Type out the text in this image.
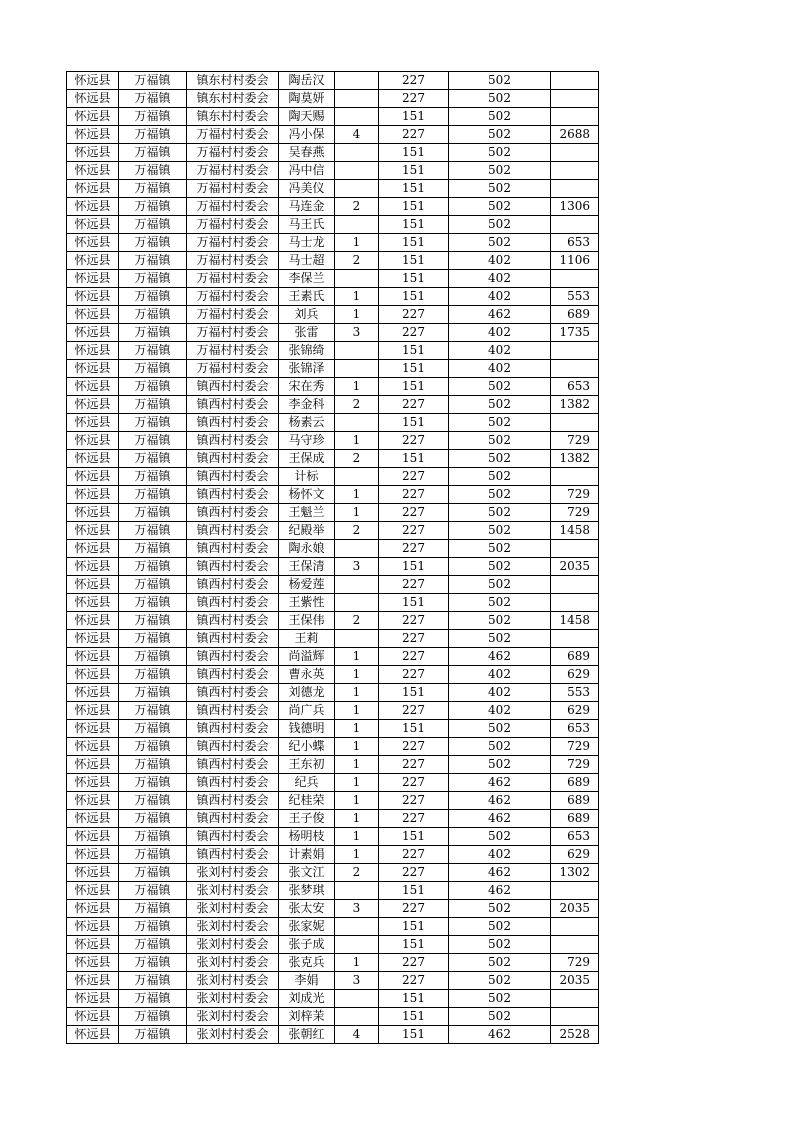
怀远县	万福镇	镇东村村委会	陶岳汉		227	502	
怀远县	万福镇	镇东村村委会	陶莫妍		227	502	
怀远县	万福镇	镇东村村委会	陶天赐		151	502	
怀远县	万福镇	万福村村委会	冯小保	4	227	502	2688
怀远县	万福镇	万福村村委会	吴春燕		151	502	
怀远县	万福镇	万福村村委会	冯中信		151	502	
怀远县	万福镇	万福村村委会	冯美仪		151	502	
怀远县	万福镇	万福村村委会	马连金	2	151	502	1306
怀远县	万福镇	万福村村委会	马王氏		151	502	
怀远县	万福镇	万福村村委会	马士龙	1	151	502	653
怀远县	万福镇	万福村村委会	马士超	2	151	402	1106
怀远县	万福镇	万福村村委会	李保兰		151	402	
怀远县	万福镇	万福村村委会	王素氏	1	151	402	553
怀远县	万福镇	万福村村委会	刘兵	1	227	462	689
怀远县	万福镇	万福村村委会	张雷	3	227	402	1735
怀远县	万福镇	万福村村委会	张锦绮		151	402	
怀远县	万福镇	万福村村委会	张锦泽		151	402	
怀远县	万福镇	镇西村村委会	宋在秀	1	151	502	653
怀远县	万福镇	镇西村村委会	李金科	2	227	502	1382
怀远县	万福镇	镇西村村委会	杨素云		151	502	
怀远县	万福镇	镇西村村委会	马守珍	1	227	502	729
怀远县	万福镇	镇西村村委会	王保成	2	151	502	1382
怀远县	万福镇	镇西村村委会	计标		227	502	
怀远县	万福镇	镇西村村委会	杨怀文	1	227	502	729
怀远县	万福镇	镇西村村委会	王魁兰	1	227	502	729
怀远县	万福镇	镇西村村委会	纪殿举	2	227	502	1458
怀远县	万福镇	镇西村村委会	陶永娘		227	502	
怀远县	万福镇	镇西村村委会	王保清	3	151	502	2035
怀远县	万福镇	镇西村村委会	杨爱莲		227	502	
怀远县	万福镇	镇西村村委会	王紫性		151	502	
怀远县	万福镇	镇西村村委会	王保伟	2	227	502	1458
怀远县	万福镇	镇西村村委会	王莉		227	502	
怀远县	万福镇	镇西村村委会	尚溢辉	1	227	462	689
怀远县	万福镇	镇西村村委会	曹永英	1	227	402	629
怀远县	万福镇	镇西村村委会	刘德龙	1	151	402	553
怀远县	万福镇	镇西村村委会	尚广兵	1	227	402	629
怀远县	万福镇	镇西村村委会	钱德明	1	151	502	653
怀远县	万福镇	镇西村村委会	纪小蝶	1	227	502	729
怀远县	万福镇	镇西村村委会	王东初	1	227	502	729
怀远县	万福镇	镇西村村委会	纪兵	1	227	462	689
怀远县	万福镇	镇西村村委会	纪桂荣	1	227	462	689
怀远县	万福镇	镇西村村委会	王子俊	1	227	462	689
怀远县	万福镇	镇西村村委会	杨明枝	1	151	502	653
怀远县	万福镇	镇西村村委会	计素娟	1	227	402	629
怀远县	万福镇	张刘村村委会	张文江	2	227	462	1302
怀远县	万福镇	张刘村村委会	张梦琪		151	462	
怀远县	万福镇	张刘村村委会	张太安	3	227	502	2035
怀远县	万福镇	张刘村村委会	张家妮		151	502	
怀远县	万福镇	张刘村村委会	张子成		151	502	
怀远县	万福镇	张刘村村委会	张克兵	1	227	502	729
怀远县	万福镇	张刘村村委会	李娟	3	227	502	2035
怀远县	万福镇	张刘村村委会	刘成光		151	502	
怀远县	万福镇	张刘村村委会	刘梓茉		151	502	
怀远县	万福镇	张刘村村委会	张朝红	4	151	462	2528
